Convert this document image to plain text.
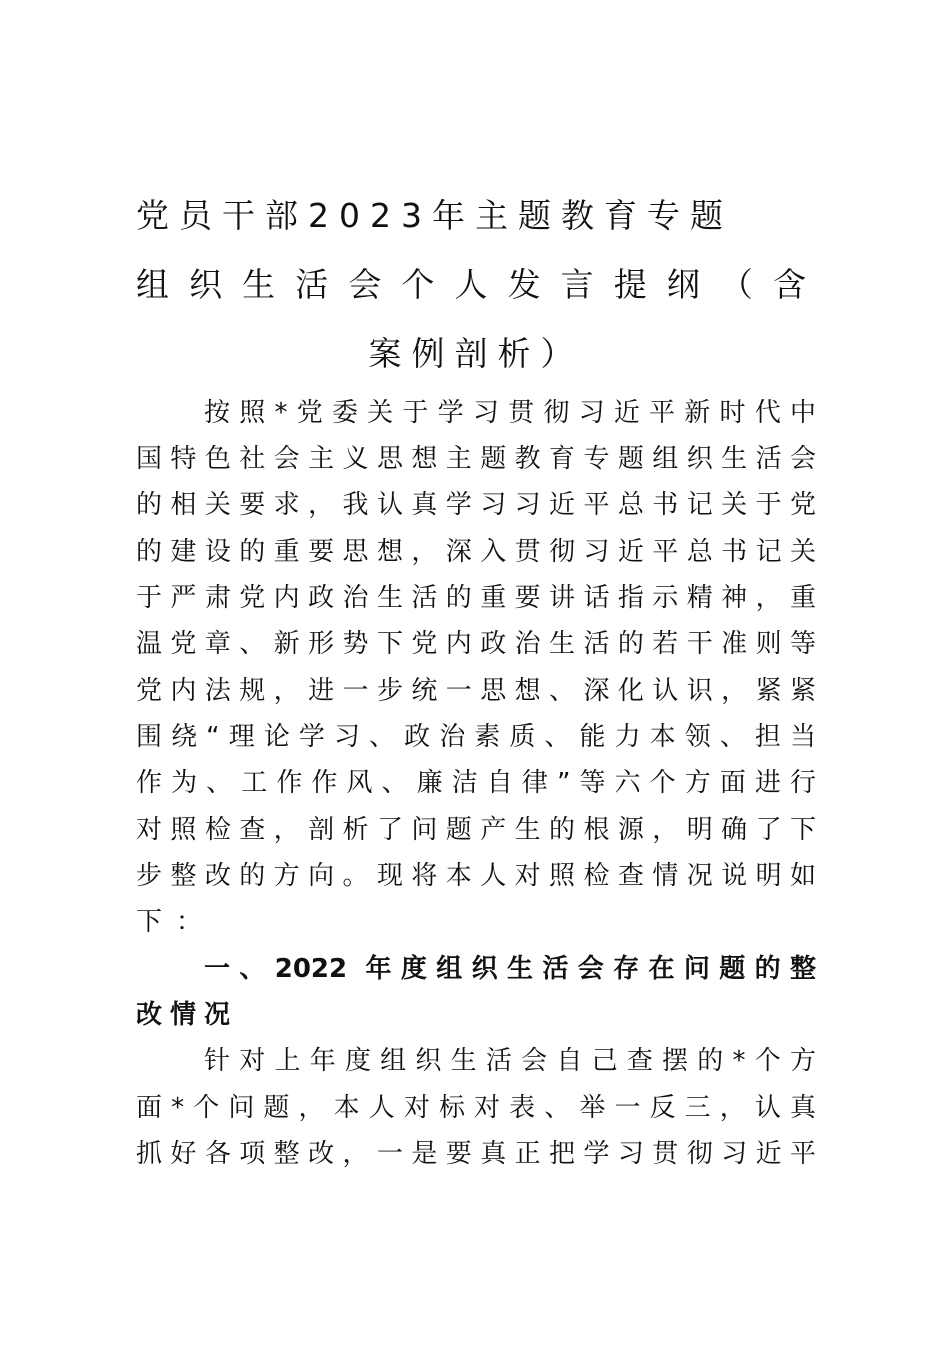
党员干部2023年主题教育专题
组织生活会个人发言提纲（含
案例剖析）
按照*党委关于学习贯彻习近平新时代中
国特色社会主义思想主题教育专题组织生活会
的相关要求，我认真学习习近平总书记关于党
的建设的重要思想，深入贯彻习近平总书记关
于严肃党内政治生活的重要讲话指示精神，重
温党章、新形势下党内政治生活的若干准则等
党内法规，进一步统一思想、深化认识，紧紧
围绕“理论学习、政治素质、能力本领、担当
作为、工作作风、廉洁自律”等六个方面进行
对照检查，剖析了问题产生的根源，明确了下
步整改的方向。现将本人对照检查情况说明如
下：
一、2022 年度组织生活会存在问题的整
改情况
针对上年度组织生活会自己查摆的*个方
面*个问题，本人对标对表、举一反三，认真
抓好各项整改，一是要真正把学习贯彻习近平
